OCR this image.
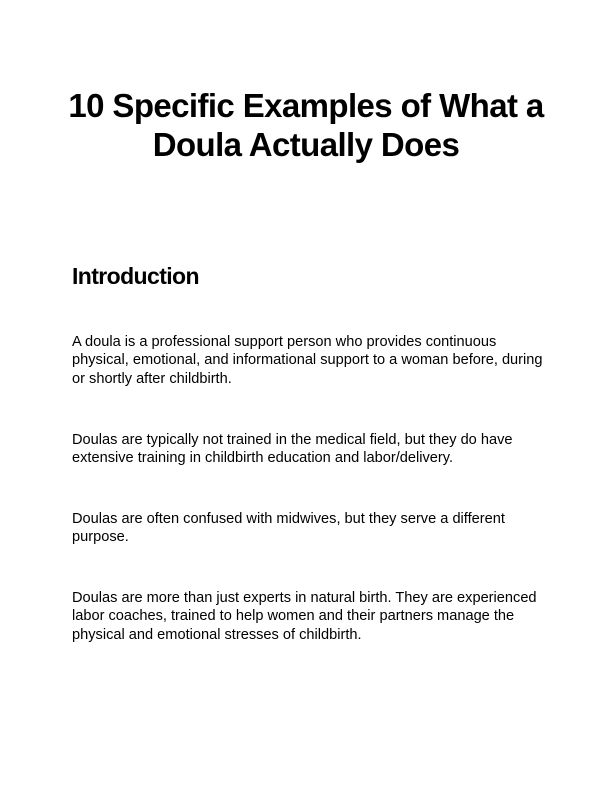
10 Specific Examples of What a Doula Actually Does
Introduction

A doula is a professional support person who provides continuous physical, emotional, and informational support to a woman before, during or shortly after childbirth.

Doulas are typically not trained in the medical field, but they do have extensive training in childbirth education and labor/delivery.

Doulas are often confused with midwives, but they serve a different purpose.

Doulas are more than just experts in natural birth. They are experienced labor coaches, trained to help women and their partners manage the physical and emotional stresses of childbirth.
